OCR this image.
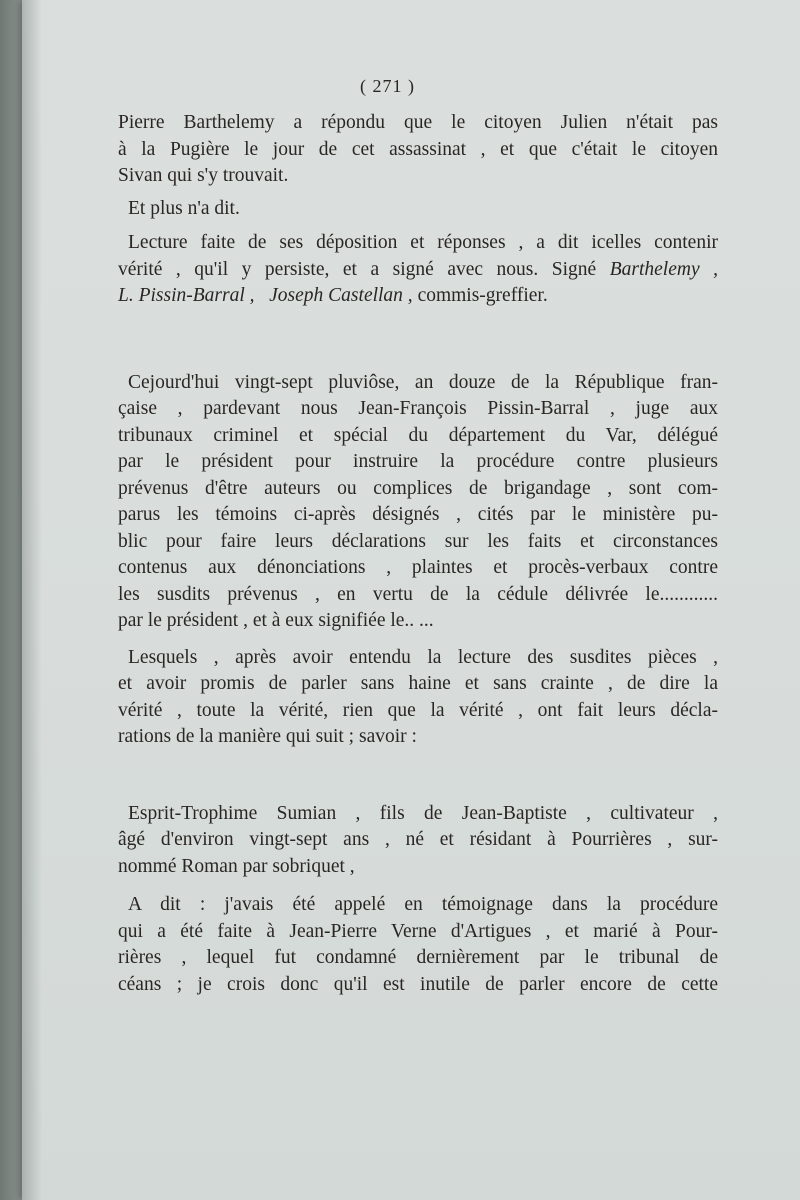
( 271 )
Pierre Barthelemy a répondu que le citoyen Julien n'était pas
à la Pugière le jour de cet assassinat , et que c'était le citoyen
Sivan qui s'y trouvait.
Et plus n'a dit.
Lecture faite de ses déposition et réponses , a dit icelles contenir
vérité , qu'il y persiste, et a signé avec nous. Signé Barthelemy ,
L. Pissin-Barral , Joseph Castellan , commis-greffier.
Cejourd'hui vingt-sept pluviôse, an douze de la République fran-
çaise , pardevant nous Jean-François Pissin-Barral , juge aux
tribunaux criminel et spécial du département du Var, délégué
par le président pour instruire la procédure contre plusieurs
prévenus d'être auteurs ou complices de brigandage , sont com-
parus les témoins ci-après désignés , cités par le ministère pu-
blic pour faire leurs déclarations sur les faits et circonstances
contenus aux dénonciations , plaintes et procès-verbaux contre
les susdits prévenus , en vertu de la cédule délivrée le............
par le président , et à eux signifiée le.. ...
Lesquels , après avoir entendu la lecture des susdites pièces ,
et avoir promis de parler sans haine et sans crainte , de dire la
vérité , toute la vérité, rien que la vérité , ont fait leurs décla-
rations de la manière qui suit ; savoir :
Esprit-Trophime Sumian , fils de Jean-Baptiste , cultivateur ,
âgé d'environ vingt-sept ans , né et résidant à Pourrières , sur-
nommé Roman par sobriquet ,
A dit : j'avais été appelé en témoignage dans la procédure
qui a été faite à Jean-Pierre Verne d'Artigues , et marié à Pour-
rières , lequel fut condamné dernièrement par le tribunal de
céans ; je crois donc qu'il est inutile de parler encore de cette
